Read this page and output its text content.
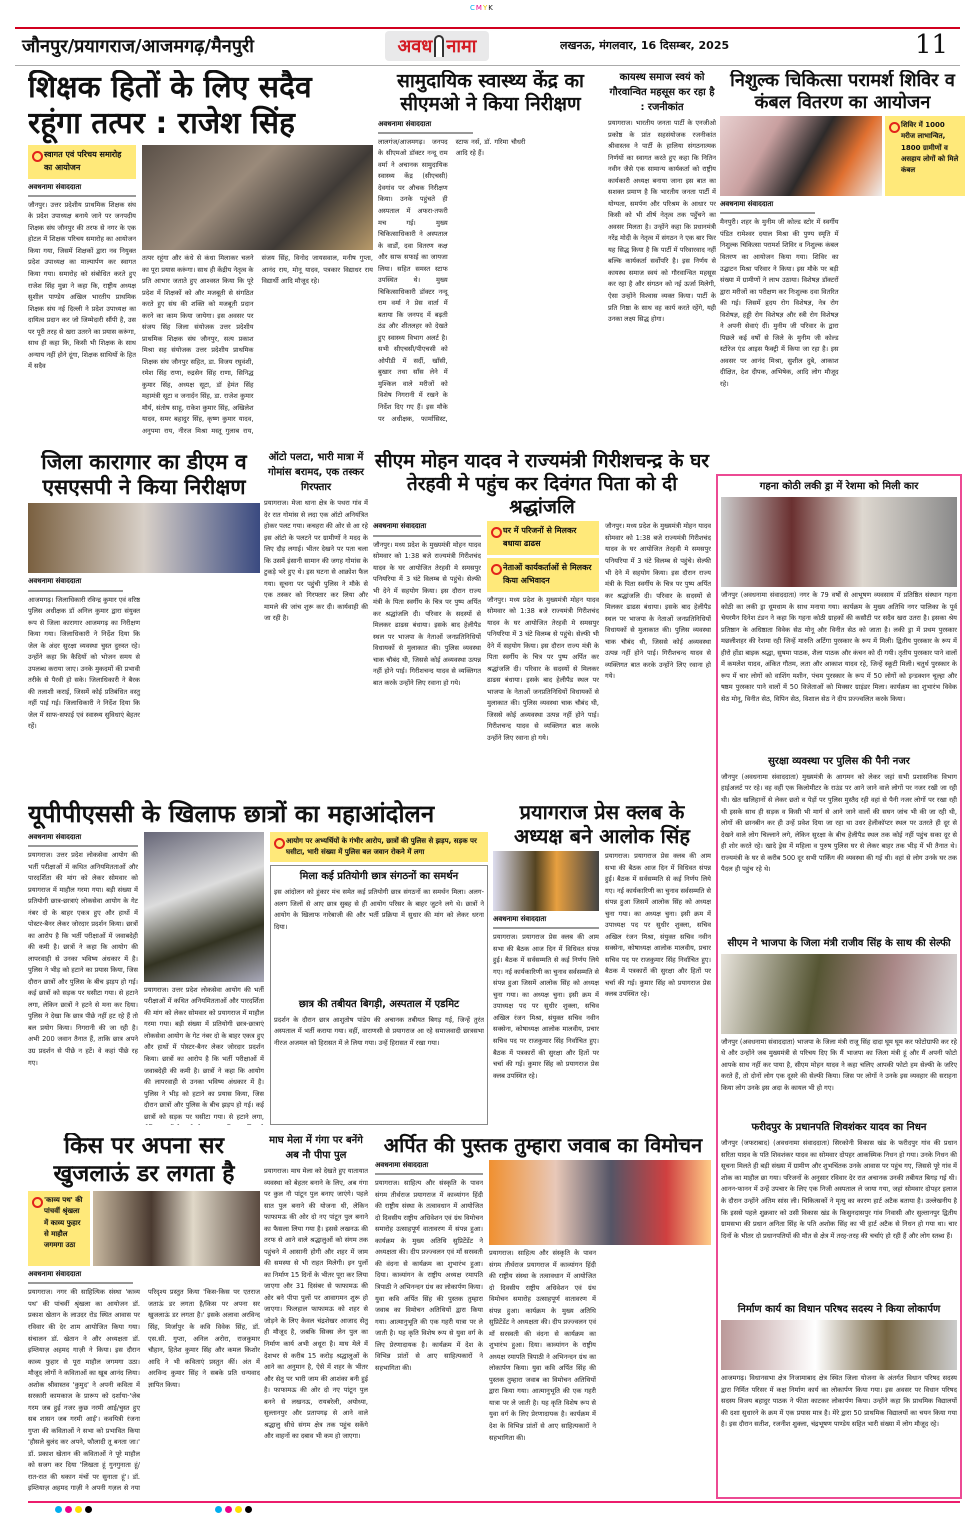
CMYK
जौनपुर/प्रयागराज/आजमगढ़/मैनपुरी	अवध नामा	लखनऊ, मंगलवार, 16 दिसम्बर, 2025	11
शिक्षक हितों के लिए सदैव रहूंगा तत्पर : राजेश सिंह
स्वागत एवं परिचय समारोह का आयोजन
अवधनामा संवाददाता
जौनपुर। उत्तर प्रदेशीय प्राथमिक शिक्षक संघ के प्रदेश उपाध्यक्ष बनाये जाने पर जनपदीय शिक्षक संघ जौनपुर की तरफ से नगर के एक होटल में शिक्षक परिचय समारोह का आयोजन किया गया, जिसमें शिक्षकों द्वारा नव नियुक्त प्रदेश उपाध्यक्ष का माल्यार्पण कर स्वागत किया गया। समारोह को संबोधित करते हुए राजेश सिंह मुन्ना ने कहा कि, राष्ट्रीय अध्यक्ष सुशील पाण्डेय अखिल भारतीय प्राथमिक शिक्षक संघ नई दिल्ली ने प्रदेश उपाध्यक्ष का दायित्व प्रदान कर जो जिम्मेदारी सौंपी है, उस पर पूरी तरह से खरा उतरने का प्रयास करूंगा, साथ ही कहा कि, किसी भी शिक्षक के साथ अन्याय नहीं होने दूंगा, शिक्षक साथियों के हित में सदैव
तत्पर रहूंगा और कंधे से कंधा मिलाकर चलने का पूरा प्रयास करूंगा। साथ ही केंद्रीय नेतृत्व के प्रति आभार जताते हुए आश्वस्त किया कि पूरे प्रदेश में शिक्षकों को और मजबूती से संगठित करते हुए संघ की शक्ति को मजबूती प्रदान करने का काम किया जायेगा। इस अवसर पर संजय सिंह जिला संयोजक उत्तर प्रदेशीय प्राथमिक शिक्षक संघ जौनपुर, सत्य प्रकाश मिश्रा सह संयोजक उत्तर प्रदेशीय प्राथमिक शिक्षक संघ जौनपुर सहित, डा. विजय रघुवंशी, रमेश सिंह राणा, रुद्रसेन सिंह राणा, सिनिद्ध कुमार सिंह, अध्यक्ष सूटा, डॉ हेमंत सिंह महामंत्री सूटा व जनार्दन सिंह, डा. राजेश कुमार मौर्य, संतोष साहू, राकेश कुमार सिंह, अखिलेश यादव, समर बहादुर सिंह, कृष्ण कुमार यादव, अनुपमा राय, नीरज मिश्रा मस्तू गुलाब राय, संजय सिंह, विनोद जायसवाल, मनीष गुप्ता, आनंद राय, मोनू यादव, पत्रकार विद्याधर राय विद्यार्थी आदि मौजूद रहे।
सामुदायिक स्वास्थ्य केंद्र का सीएमओ ने किया निरीक्षण
अवधनामा संवाददाता
लालगंज/आजमगढ़। जनपद के सीएमओ डॉक्टर नन्दू राम वर्मा ने अचानक सामुदायिक स्वास्थ्य केंद्र (सीएचसी) देवगांव पर औचक निरीक्षण किया। उनके पहुंचते ही अस्पताल में अफरा-तफरी मच गई। मुख्य चिकित्साधिकारी ने अस्पताल के वार्डों, दवा वितरण कक्ष और साफ सफाई का जायजा लिया। सहित समस्त स्टाफ उपस्थित थे। मुख्य चिकित्साधिकारी डॉक्टर नन्दू राम वर्मा ने प्रेस वार्ता में बताया कि जनपद में बढ़ती ठंड और शीतलहर को देखते हुए स्वास्थ्य विभाग अलर्ट है। सभी सीएचसी/पीएचसी को ओपीडी में सर्दी, खाँसी, बुखार तथा साँस लेने में मुश्किल वाले मरीजों को विशेष निगरानी में रखने के निर्देश दिए गए हैं। इस मौके पर अधीक्षक, फार्मासिस्ट, स्टाफ नर्स, डॉ. गरिमा चौधरी आदि रहे हैं।
कायस्थ समाज स्वयं को गौरवान्वित महसूस कर रहा है : रजनीकांत
प्रयागराज। भारतीय जनता पार्टी के एनजीओ प्रकोष्ठ के प्रांत सहसंयोजक रजनीकांत श्रीवास्तव ने पार्टी के हालिया संगठनात्मक निर्णयों का स्वागत करते हुए कहा कि नितिन नवीन जैसे एक सामान्य कार्यकर्ता को राष्ट्रीय कार्यकारी अध्यक्ष बनाया जाना इस बात का सशक्त प्रमाण है कि भारतीय जनता पार्टी में योग्यता, समर्पण और परिश्रम के आधार पर किसी को भी शीर्ष नेतृत्व तक पहुँचने का अवसर मिलता है। उन्होंने कहा कि प्रधानमंत्री नरेंद्र मोदी के नेतृत्व में संगठन ने एक बार फिर यह सिद्ध किया है कि पार्टी में परिवारवाद नहीं बल्कि कार्यकर्ता सर्वोपरि है। इस निर्णय से कायस्थ समाज स्वयं को गौरवान्वित महसूस कर रहा है और संगठन को नई ऊर्जा मिलेगी, ऐसा उन्होंने विश्वास व्यक्त किया। पार्टी के प्रति निष्ठा के साथ वह कार्य करते रहेंगे, यही उनका लक्ष्य सिद्ध होगा।
निशुल्क चिकित्सा परामर्श शिविर व कंबल वितरण का आयोजन
शिविर में 1000 मरीज लाभान्वित, 1800 ग्रामीणों व असहाय लोगों को मिले कंबल
अवधनामा संवाददाता
मैनपुरी। शहर के मुनीम जी कोल्ड स्टोर में स्वर्गीय पंडित रामेश्वर दयाल मिश्रा की पुण्य स्मृति में निशुल्क चिकित्सा परामर्श शिविर व निशुल्क कंबल वितरण का आयोजन किया गया। शिविर का उद्घाटन मिश्रा परिवार ने किया। इस मौके पर बड़ी संख्या में ग्रामीणों ने लाभ उठाया। विशेषज्ञ डॉक्टरों द्वारा मरीजों का परीक्षण कर निःशुल्क दवा वितरित की गई। जिसमें हृदय रोग विशेषज्ञ, नेत्र रोग विशेषज्ञ, हड्डी रोग विशेषज्ञ और स्त्री रोग विशेषज्ञ ने अपनी सेवाएं दीं। मुनीम जी परिवार के द्वारा पिछले कई वर्षों से जिले के मुनीम जी कोल्ड स्टोरेज एंड आइस फैक्ट्री में किया जा रहा है। इस अवसर पर आनंद मिश्रा, सुशील दुबे, आकाश दीक्षित, देश दीपक, अभिषेक, आदि लोग मौजूद रहे।
जिला कारागार का डीएम व एसएसपी ने किया निरीक्षण
अवधनामा संवाददाता
आजमगढ़। जिलाधिकारी रविन्द्र कुमार एवं वरिष्ठ पुलिस अधीक्षक डॉ अनिल कुमार द्वारा संयुक्त रूप से जिला कारागार आजमगढ़ का निरीक्षण किया गया। जिलाधिकारी ने निर्देश दिया कि जेल के अंदर सुरक्षा व्यवस्था चुस्त दुरुस्त रहे। उन्होंने कहा कि कैदियों को भोजन समय से उपलब्ध कराया जाए। उनके मुकदमों की प्रभावी तरीके से पैरवी हो सके। जिलाधिकारी ने बैरक की तलाशी कराई, जिसमें कोई प्रतिबंधित वस्तु नहीं पाई गई। जिलाधिकारी ने निर्देश दिया कि जेल में साफ-सफाई एवं स्वास्थ्य सुविधाएं बेहतर रहें।
ऑटो पलटा, भारी मात्रा में गोमांस बरामद, एक तस्कर गिरफ्तार
प्रयागराज। मेजा थाना क्षेत्र के पथरा गांव में देर रात गोमांस से लदा एक ऑटो अनियंत्रित होकर पलट गया। कचहरा की ओर से आ रहे इस ऑटो के पलटने पर ग्रामीणों ने मदद के लिए दौड़ लगाई। भीतर देखने पर पता चला कि उसमें इंसानी सामान की जगह गोमांस के टुकड़े भरे हुए थे। इस घटना से आक्रोश फैल गया। सूचना पर पहुंची पुलिस ने मौके से एक तस्कर को गिरफ्तार कर लिया और मामले की जांच शुरू कर दी। कार्यवाही की जा रही है।
सीएम मोहन यादव ने राज्यमंत्री गिरीशचन्द्र के घर तेरहवी मे पहुंच कर दिवंगत पिता को दी श्रद्धांजलि
अवधनामा संवाददाता
जौनपुर। मध्य प्रदेश के मुख्यमंत्री मोहन यादव सोमवार को 1:38 बजे राज्यमंत्री गिरीशचंद यादव के घर आयोजित तेरहवी मे समसपुर पनियरिया में 3 घंटे विलम्ब से पहुंचे। सेल्फी भी देने में सहयोग किया। इस दौरान राज्य मंत्री के पिता स्वर्गीय के चित्र पर पुष्प अर्पित कर श्रद्धांजलि दी। परिवार के सदस्यों से मिलकर ढाढस बंधाया। इसके बाद हेलीपैड स्थल पर भाजपा के नेताओं जनप्रतिनिधियों विधायकों से मुलाकात की। पुलिस व्यवस्था चाक चौबंद थी, जिससे कोई अव्यवस्था उत्पन्न नहीं होने पाई। गिरीशचन्द यादव से व्यक्तिगत बात करके उन्होंने लिए रवाना हो गये।
घर में परिजनों से मिलकर बधाया ढाढस
नेताओं कार्यकर्ताओं से मिलकर किया अभिवादन
जौनपुर। मध्य प्रदेश के मुख्यमंत्री मोहन यादव सोमवार को 1:38 बजे राज्यमंत्री गिरीशचंद यादव के घर आयोजित तेरहवी मे समसपुर पनियरिया में 3 घंटे विलम्ब से पहुंचे। सेल्फी भी देने में सहयोग किया। इस दौरान राज्य मंत्री के पिता स्वर्गीय के चित्र पर पुष्प अर्पित कर श्रद्धांजलि दी। परिवार के सदस्यों से मिलकर ढाढस बंधाया। इसके बाद हेलीपैड स्थल पर भाजपा के नेताओं जनप्रतिनिधियों विधायकों से मुलाकात की। पुलिस व्यवस्था चाक चौबंद थी, जिससे कोई अव्यवस्था उत्पन्न नहीं होने पाई। गिरीशचन्द यादव से व्यक्तिगत बात करके उन्होंने लिए रवाना हो गये।
जौनपुर। मध्य प्रदेश के मुख्यमंत्री मोहन यादव सोमवार को 1:38 बजे राज्यमंत्री गिरीशचंद यादव के घर आयोजित तेरहवी मे समसपुर पनियरिया में 3 घंटे विलम्ब से पहुंचे। सेल्फी भी देने में सहयोग किया। इस दौरान राज्य मंत्री के पिता स्वर्गीय के चित्र पर पुष्प अर्पित कर श्रद्धांजलि दी। परिवार के सदस्यों से मिलकर ढाढस बंधाया। इसके बाद हेलीपैड स्थल पर भाजपा के नेताओं जनप्रतिनिधियों विधायकों से मुलाकात की। पुलिस व्यवस्था चाक चौबंद थी, जिससे कोई अव्यवस्था उत्पन्न नहीं होने पाई। गिरीशचन्द यादव से व्यक्तिगत बात करके उन्होंने लिए रवाना हो गये।
गहना कोठी लकी ड्रा में रेशमा को मिली कार
जौनपुर (अवधनामा संवाददाता) नगर के 79 वर्षों से आभूषण व्यवसाय में प्रतिष्ठित संस्थान गहना कोठी का लकी ड्रा धूमधाम के साथ मनाया गया। कार्यक्रम के मुख्य अतिथि नगर पालिका के पूर्व चेयरमैन दिनेश टंडन ने कहा कि गहना कोठी ग्राहकों की कसौटी पर सदैव खरा उतरा है। इसका श्रेय प्रतिष्ठान के अधिष्ठाता विवेक सेठ मोनू और विनीत सेठ को जाता है। लकी ड्रा में प्रथम पुरस्कार मछलीशहर की रेशमा रही जिन्हें मारुति अर्टिगा पुरस्कार के रूप में मिली। द्वितीय पुरस्कार के रूप में हीरो होंडा बाइक श्रद्धा, सुषमा पाठक, शैला पाठक और कंचन को दी गयी। तृतीय पुरस्कार पाने वालों में कमलेश यादव, अंकित गौतम, लता और आकाश यादव रहे, जिन्हें स्कूटी मिली। चतुर्थ पुरस्कार के रूप में चार लोगों को वाशिंग मशीन, पंचम पुरस्कार के रूप में 50 लोगों को इन्डक्शन चूल्हा और षष्ठम पुरस्कार पाने वालों में 50 विजेताओं को मिक्सर ग्राइंडर मिला। कार्यक्रम का शुभारंभ विवेक सेठ मोनू, विनीत सेठ, विपिन सेठ, विशाल सेठ ने दीप प्रज्ज्वलित करके किया।
सुरक्षा व्यवस्था पर पुलिस की पैनी नजर
जौनपुर (अवधनामा संवाददाता) मुख्यमंत्री के आगमन को लेकर जहां सभी प्रशासनिक विभाग हाईअलर्ट पर रहे। वह वहीं एक किलोमीटर के राउंड पर आने जाने वाले लोगों पर नजर रखी जा रही थी। खेत खलिहानों से लेकर छतो व पेड़ों पर पुलिस मुस्तैद रही वहां से पैनी नजर लोगों पर रखा रही थी इसके साथ ही सड़क व किसी भी मार्ग से आने जाने वालों की सघन जांच भी की जा रही थी, लोगों की छानबीन कर ही उन्हें प्रवेश दिया जा रहा था उधर हेलीकॉप्टर स्थल पर उतरते ही दूर से देखने वाले लोग चिल्लाने लगे, लेकिन सुरक्षा के बीच हेलीपैड स्थल तक कोई नहीं पहुंच सका दूर से ही शोर करते रहे। खादे ड्रेस में महिला व पुरुष पुलिस घर से लेकर बाहर तक भीड़ में भी तैनात थे। राज्यमंत्री के घर से करीब 500 दूर सभी पार्किंग की व्यवस्था की गई थी। वहां से लोग उनके घर तक पैदल ही पहुंच रहे थे।
सीएम ने भाजपा के जिला मंत्री राजीव सिंह के साथ की सेल्फी
जौनपुर (अवधनामा संवाददाता) भाजपा के जिला मंत्री राजू सिंह दादा घूम घूम कर फोटोग्राफी कर रहे थे और उन्होंने जब मुख्यमंत्री से परिचय दिए कि मैं भाजपा का जिला मंत्री हूं और मैं अपनी फोटो आपके साथ नहीं कर पाया है, सीएम मोहन यादव ने कहा चलिए आपकी फोटो हम सेल्फी के जरिए करते हैं, तो दोनों लोग एक दूसरे की सेल्फी किया। जिस पर लोगों ने उनके इस व्यवहार की सराहना किया लोग उनके इस अदा के कायल भी हो गए।
फरीदपुर के प्रधानपति शिवशंकर यादव का निधन
जौनपुर (जफराबाद) (अवधनामा संवाददाता) सिरकोनी विकास खंड के फरीदपुर गांव की प्रधान सरिता यादव के पति शिवशंकर यादव का सोमवार दोपहर आकस्मिक निधन हो गया। उनके निधन की सूचना मिलते ही बड़ी संख्या में ग्रामीण और शुभचिंतक उनके आवास पर पहुंच गए, जिससे पूरे गांव में शोक का माहौल छा गया। परिजनों के अनुसार रविवार देर रात अचानक उनकी तबीयत बिगड़ गई थी। आनन-फानन में उन्हें उपचार के लिए एक निजी अस्पताल ले जाया गया, जहां सोमवार दोपहर इलाज के दौरान उन्होंने अंतिम सांस ली। चिकित्सकों ने मृत्यु का कारण हार्ट अटैक बताया है। उल्लेखनीय है कि इससे पहले शुक्रवार को उसी विकास खंड के किसुनदासपुर गांव निवासी और सुल्तानपुर द्वितीय ग्रामसभा की प्रधान अनिता सिंह के पति अशोक सिंह का भी हार्ट अटैक से निधन हो गया था। चार दिनों के भीतर दो प्रधानपतियों की मौत से क्षेत्र में तरह-तरह की चर्चाएं हो रही हैं और लोग स्तब्ध हैं।
निर्माण कार्य का विधान परिषद सदस्य ने किया लोकार्पण
आजमगढ़। विधानसभा क्षेत्र निजामाबाद क्षेत्र स्थित जिला योजना के अंतर्गत विधान परिषद सदस्य द्वारा निर्मित परिसर में कक्ष निर्माण कार्य का लोकार्पण किया गया। इस अवसर पर विधान परिषद सदस्य विजय बहादुर पाठक ने फीता काटकर लोकार्पण किया। उन्होंने कहा कि प्राथमिक विद्यालयों की दशा सुधारने के क्रम में एक प्रयास मात्र है। मेरे द्वारा 50 प्राथमिक विद्यालयों का चयन किया गया है। इस दौरान सतीश, रजनीश शुक्ला, चंद्रभूषण पाण्डेय सहित भारी संख्या में लोग मौजूद रहे।
यूपीपीएससी के खिलाफ छात्रों का महाआंदोलन
अवधनामा संवाददाता
प्रयागराज। उत्तर प्रदेश लोकसेवा आयोग की भर्ती परीक्षाओं में कथित अनियमितताओं और पारदर्शिता की मांग को लेकर सोमवार को प्रयागराज में माहौल गरमा गया। बड़ी संख्या में प्रतियोगी छात्र-छात्राएं लोकसेवा आयोग के गेट नंबर दो के बाहर एकत्र हुए और हाथों में पोस्टर-बैनर लेकर जोरदार प्रदर्शन किया। छात्रों का आरोप है कि भर्ती परीक्षाओं में जवाबदेही की कमी है। छात्रों ने कहा कि आयोग की लापरवाही से उनका भविष्य अंधकार में है। पुलिस ने भीड़ को हटाने का प्रयास किया, जिस दौरान छात्रों और पुलिस के बीच झड़प हो गई। कई छात्रों को सड़क पर घसीटा गया। से हटाने लगा, लेकिन छात्रों ने हटने से मना कर दिया। पुलिस ने देखा कि छात्र पीछे नहीं हट रहे हैं तो बल प्रयोग किया। निगरानी की जा रही है। अभी 200 जवान तैनात हैं, ताकि छात्र अपने उग्र प्रदर्शन से पीछे न हटें। वे कहां पीछे रह गए।
प्रयागराज। उत्तर प्रदेश लोकसेवा आयोग की भर्ती परीक्षाओं में कथित अनियमितताओं और पारदर्शिता की मांग को लेकर सोमवार को प्रयागराज में माहौल गरमा गया। बड़ी संख्या में प्रतियोगी छात्र-छात्राएं लोकसेवा आयोग के गेट नंबर दो के बाहर एकत्र हुए और हाथों में पोस्टर-बैनर लेकर जोरदार प्रदर्शन किया। छात्रों का आरोप है कि भर्ती परीक्षाओं में जवाबदेही की कमी है। छात्रों ने कहा कि आयोग की लापरवाही से उनका भविष्य अंधकार में है। पुलिस ने भीड़ को हटाने का प्रयास किया, जिस दौरान छात्रों और पुलिस के बीच झड़प हो गई। कई छात्रों को सड़क पर घसीटा गया। से हटाने लगा,
आयोग पर अभ्यर्थियों के गंभीर आरोप, छात्रों की पुलिस से झड़प, सड़क पर घसीटा, भारी संख्या में पुलिस बल जवान रोकने में लगा
मिला कई प्रतियोगी छात्र संगठनों का समर्थन
इस आंदोलन को हुंकार मंच समेत कई प्रतियोगी छात्र संगठनों का समर्थन मिला। अलग-अलग जिलों से आए छात्र सुबह से ही आयोग परिसर के बाहर जुटने लगे थे। छात्रों ने आयोग के खिलाफ नारेबाजी की और भर्ती प्रक्रिया में सुधार की मांग को लेकर धरना दिया।
छात्र की तबीयत बिगड़ी, अस्पताल में एडमिट
प्रदर्शन के दौरान छात्र आशुतोष पांडेय की अचानक तबीयत बिगड़ गई, जिन्हें तुरंत अस्पताल में भर्ती कराया गया। वहीं, वाराणसी से प्रयागराज आ रहे समाजवादी छात्रसभा नीरज अजमल को हिरासत में ले लिया गया। उन्हें हिरासत में रखा गया।
प्रयागराज प्रेस क्लब के अध्यक्ष बने आलोक सिंह
अवधनामा संवाददाता
प्रयागराज। प्रयागराज प्रेस क्लब की आम सभा की बैठक आज दिन में विधिवत संपन्न हुई। बैठक में सर्वसम्मति से कई निर्णय लिये गए। नई कार्यकारिणी का चुनाव सर्वसम्मति से संपन्न हुआ जिसमें आलोक सिंह को अध्यक्ष चुना गया। का अध्यक्ष चुना। इसी क्रम में उपाध्यक्ष पद पर सुधीर शुक्ला, सचिव अखिल रंजन मिश्रा, संयुक्त सचिव नवीन सक्सेना, कोषाध्यक्ष आलोक मालवीय, प्रचार सचिव पद पर राजकुमार सिंह निर्वाचित हुए। बैठक में पत्रकारों की सुरक्षा और हितों पर चर्चा की गई। कुमार सिंह को प्रयागराज प्रेस क्लब उपस्थित रहे।
प्रयागराज। प्रयागराज प्रेस क्लब की आम सभा की बैठक आज दिन में विधिवत संपन्न हुई। बैठक में सर्वसम्मति से कई निर्णय लिये गए। नई कार्यकारिणी का चुनाव सर्वसम्मति से संपन्न हुआ जिसमें आलोक सिंह को अध्यक्ष चुना गया। का अध्यक्ष चुना। इसी क्रम में उपाध्यक्ष पद पर सुधीर शुक्ला, सचिव अखिल रंजन मिश्रा, संयुक्त सचिव नवीन सक्सेना, कोषाध्यक्ष आलोक मालवीय, प्रचार सचिव पद पर राजकुमार सिंह निर्वाचित हुए। बैठक में पत्रकारों की सुरक्षा और हितों पर चर्चा की गई। कुमार सिंह को प्रयागराज प्रेस क्लब उपस्थित रहे।
किस पर अपना सर खुजलाऊं डर लगता है
'काव्य पथ' की पांचवीं श्रृंखला में काव्य फुहार से माहौल जगमगा उठा
अवधनामा संवाददाता
प्रयागराज। नगर की साहित्यिक संस्था 'काव्य पथ' की पांचवीं श्रृंखला का आयोजन डॉ. प्रकाश खेतान के लाउदर रोड स्थित आवास पर रविवार की देर शाम आयोजित किया गया। संचालन डॉ. खेतान ने और अध्यक्षता डॉ. इम्तियाज़ अहमद गाज़ी ने किया। इस दौरान काव्य फुहार से पूरा माहौल जगमगा उठा। मौजूद लोगों ने कविताओं का खूब आनंद लिया। अशोक श्रीवास्तव 'कुमुद' ने अपनी कविता में सरकारी कामकाज के प्रारूप को दर्शाया-'जेब गरम जब हुई नजर कुछ नरमी आई/चुस्त हुए सब शासन जब गरमी आई'। कवयित्री रंजना गुप्ता की कविताओं ने सभा को प्रभावित किया 'हौसले बुलंद कर अपने, फौलादी तू बनता जा।' डॉ. प्रकाश खेतान की कविताओं ने पूरे माहौल को सजग कर दिया 'लिखता हूं गुनगुनाता हूं/रात-रात की थकान मंचों पर सुनाता हूं'। डॉ. इम्तियाज़ अहमद गाज़ी ने अपनी गज़ल से नया परिदृश्य प्रस्तुत किया 'किस-किस पर एतराज जताऊं डर लगता है/किस पर अपना सर खुजलाऊं डर लगता है।' इसके अलावा अरविन्द सिंह, मिर्जापुर के कवि विवेक सिंह, डॉ. एस.सी. गुप्ता, अनिल अरोरा, राजकुमार चौहान, हितेश कुमार सिंह और कमल किशोर आदि ने भी कविताएं प्रस्तुत कीं। अंत में अरविन्द कुमार सिंह ने सबके प्रति धन्यवाद ज्ञापित किया।
माघ मेला में गंगा पर बनेंगे अब नौ पीपा पुल
प्रयागराज। माघ मेला को देखते हुए यातायात व्यवस्था को बेहतर बनाने के लिए, अब गंगा पर कुल नौ पांटून पुल बनाए जाएंगे। पहले सात पुल बनाने की योजना थी, लेकिन फाफामऊ की ओर दो नए पांटून पुल बनाने का फैसला लिया गया है। इससे लखनऊ की तरफ से आने वाले श्रद्धालुओं को संगम तक पहुंचने में आसानी होगी और शहर में जाम की समस्या से भी राहत मिलेगी। इन पुलों का निर्माण 15 दिनों के भीतर पूरा कर लिया जाएगा और 31 दिसंबर से फाफामऊ की ओर बने पीपा पुलों पर आवागमन शुरू हो जाएगा। फिलहाल फाफामऊ को शहर से जोड़ने के लिए केवल चंद्रशेखर आजाद सेतु ही मौजूद है, जबकि सिक्स लेन पुल का निर्माण कार्य अभी अधूरा है। माघ मेले में देशभर से करीब 15 करोड़ श्रद्धालुओं के आने का अनुमान है, ऐसे में शहर के भीतर और सेतु पर भारी जाम की आशंका बनी हुई है। फाफामऊ की ओर दो नए पांटून पुल बनने से लखनऊ, रायबरेली, अयोध्या, सुल्तानपुर और प्रतापगढ़ से आने वाले श्रद्धालु सीधे संगम क्षेत्र तक पहुंच सकेंगे और वाहनों का दबाव भी कम हो जाएगा।
अर्पित की पुस्तक तुम्हारा जवाब का विमोचन
अवधनामा संवाददाता
प्रयागराज। साहित्य और संस्कृति के पावन संगम तीर्थराज प्रयागराज में काव्यांगन हिंदी की राष्ट्रीय संस्था के तत्वावधान में आयोजित दो दिवसीय राष्ट्रीय अधिवेशन एवं ग्रंथ विमोचन समारोह उत्साहपूर्ण वातावरण में संपन्न हुआ। कार्यक्रम के मुख्य अतिथि सुप्रिटेंडेंट ने अध्यक्षता की। दीप प्रज्ज्वलन एवं माँ सरस्वती की वंदना से कार्यक्रम का शुभारंभ हुआ। दिया। काव्यांगन के राष्ट्रीय अध्यक्ष रमापति त्रिपाठी ने अभिनन्दन ग्रंथ का लोकार्पण किया। युवा कवि अर्पित सिंह की पुस्तक तुम्हारा जवाब का विमोचन अतिथियों द्वारा किया गया। आत्मानुभूति की एक गहरी यात्रा पर ले जाती है। यह कृति विशेष रूप से युवा वर्ग के लिए प्रेरणादायक है। कार्यक्रम में देश के विभिन्न प्रांतों से आए साहित्यकारों ने सहभागिता की।
प्रयागराज। साहित्य और संस्कृति के पावन संगम तीर्थराज प्रयागराज में काव्यांगन हिंदी की राष्ट्रीय संस्था के तत्वावधान में आयोजित दो दिवसीय राष्ट्रीय अधिवेशन एवं ग्रंथ विमोचन समारोह उत्साहपूर्ण वातावरण में संपन्न हुआ। कार्यक्रम के मुख्य अतिथि सुप्रिटेंडेंट ने अध्यक्षता की। दीप प्रज्ज्वलन एवं माँ सरस्वती की वंदना से कार्यक्रम का शुभारंभ हुआ। दिया। काव्यांगन के राष्ट्रीय अध्यक्ष रमापति त्रिपाठी ने अभिनन्दन ग्रंथ का लोकार्पण किया। युवा कवि अर्पित सिंह की पुस्तक तुम्हारा जवाब का विमोचन अतिथियों द्वारा किया गया। आत्मानुभूति की एक गहरी यात्रा पर ले जाती है। यह कृति विशेष रूप से युवा वर्ग के लिए प्रेरणादायक है। कार्यक्रम में देश के विभिन्न प्रांतों से आए साहित्यकारों ने सहभागिता की।
